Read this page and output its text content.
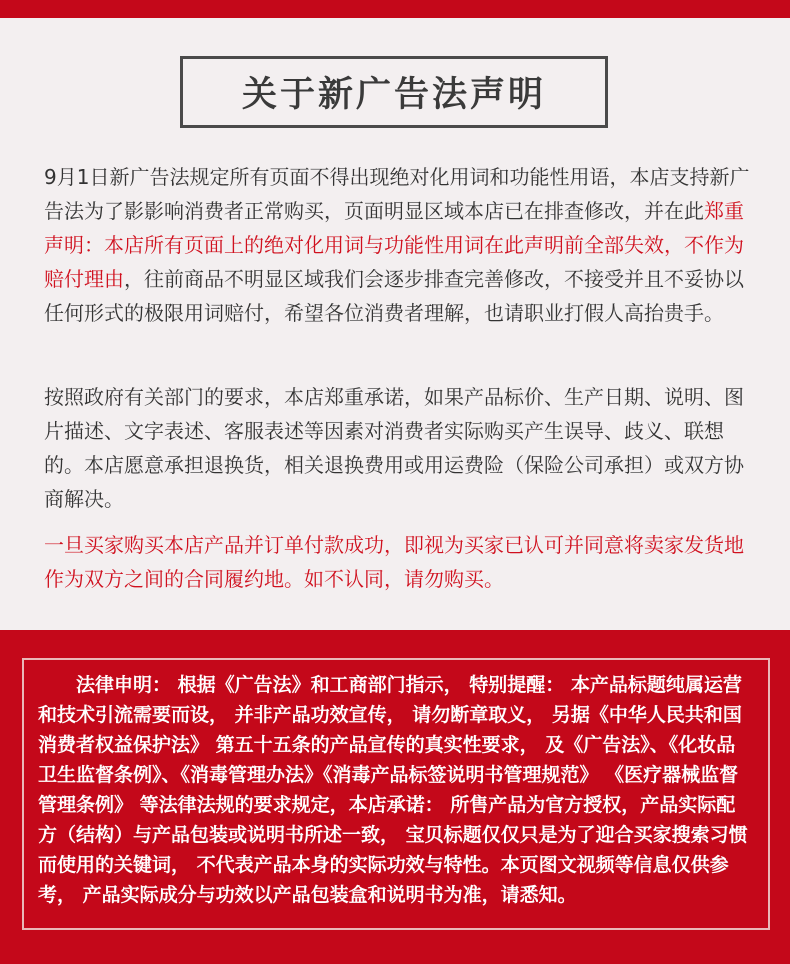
关于新广告法声明

9月1日新广告法规定所有页面不得出现绝对化用词和功能性用语，本店支持新广告法为了影影响消费者正常购买，页面明显区域本店已在排查修改，并在此郑重声明：本店所有页面上的绝对化用词与功能性用词在此声明前全部失效，不作为赔付理由，往前商品不明显区域我们会逐步排查完善修改，不接受并且不妥协以任何形式的极限用词赔付，希望各位消费者理解，也请职业打假人高抬贵手。

按照政府有关部门的要求，本店郑重承诺，如果产品标价、生产日期、说明、图片描述、文字表述、客服表述等因素对消费者实际购买产生误导、歧义、联想的。本店愿意承担退换货，相关退换费用或用运费险（保险公司承担）或双方协商解决。

一旦买家购买本店产品并订单付款成功，即视为买家已认可并同意将卖家发货地作为双方之间的合同履约地。如不认同，请勿购买。

　　法律申明： 根据《广告法》和工商部门指示， 特别提醒： 本产品标题纯属运营和技术引流需要而设， 并非产品功效宣传， 请勿断章取义， 另据《中华人民共和国消费者权益保护法》 第五十五条的产品宣传的真实性要求， 及《广告法》、《化妆品卫生监督条例》、《消毒管理办法》《消毒产品标签说明书管理规范》 《医疗器械监督管理条例》 等法律法规的要求规定，本店承诺： 所售产品为官方授权，产品实际配方（结构）与产品包装或说明书所述一致， 宝贝标题仅仅只是为了迎合买家搜索习惯而使用的关键词， 不代表产品本身的实际功效与特性。本页图文视频等信息仅供参考， 产品实际成分与功效以产品包装盒和说明书为准，请悉知。
